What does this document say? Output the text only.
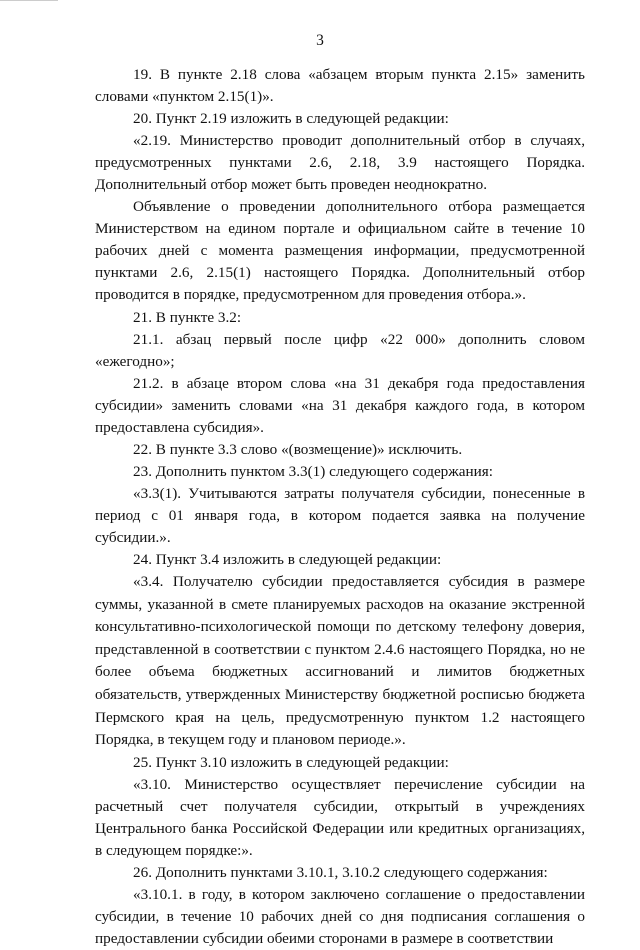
3

19. В пункте 2.18 слова «абзацем вторым пункта 2.15» заменить словами «пунктом 2.15(1)».

20. Пункт 2.19 изложить в следующей редакции:

«2.19. Министерство проводит дополнительный отбор в случаях, предусмотренных пунктами 2.6, 2.18, 3.9 настоящего Порядка. Дополнительный отбор может быть проведен неоднократно.

Объявление о проведении дополнительного отбора размещается Министерством на едином портале и официальном сайте в течение 10 рабочих дней с момента размещения информации, предусмотренной пунктами 2.6, 2.15(1) настоящего Порядка. Дополнительный отбор проводится в порядке, предусмотренном для проведения отбора.».

21. В пункте 3.2:

21.1. абзац первый после цифр «22 000» дополнить словом «ежегодно»;

21.2. в абзаце втором слова «на 31 декабря года предоставления субсидии» заменить словами «на 31 декабря каждого года, в котором предоставлена субсидия».

22. В пункте 3.3 слово «(возмещение)» исключить.

23. Дополнить пунктом 3.3(1) следующего содержания:

«3.3(1). Учитываются затраты получателя субсидии, понесенные в период с 01 января года, в котором подается заявка на получение субсидии.».

24. Пункт 3.4 изложить в следующей редакции:

«3.4. Получателю субсидии предоставляется субсидия в размере суммы, указанной в смете планируемых расходов на оказание экстренной консультативно-психологической помощи по детскому телефону доверия, представленной в соответствии с пунктом 2.4.6 настоящего Порядка, но не более объема бюджетных ассигнований и лимитов бюджетных обязательств, утвержденных Министерству бюджетной росписью бюджета Пермского края на цель, предусмотренную пунктом 1.2 настоящего Порядка, в текущем году и плановом периоде.».

25. Пункт 3.10 изложить в следующей редакции:

«3.10. Министерство осуществляет перечисление субсидии на расчетный счет получателя субсидии, открытый в учреждениях Центрального банка Российской Федерации или кредитных организациях, в следующем порядке:».

26. Дополнить пунктами 3.10.1, 3.10.2 следующего содержания:

«3.10.1. в году, в котором заключено соглашение о предоставлении субсидии, в течение 10 рабочих дней со дня подписания соглашения о предоставлении субсидии обеими сторонами в размере в соответствии
